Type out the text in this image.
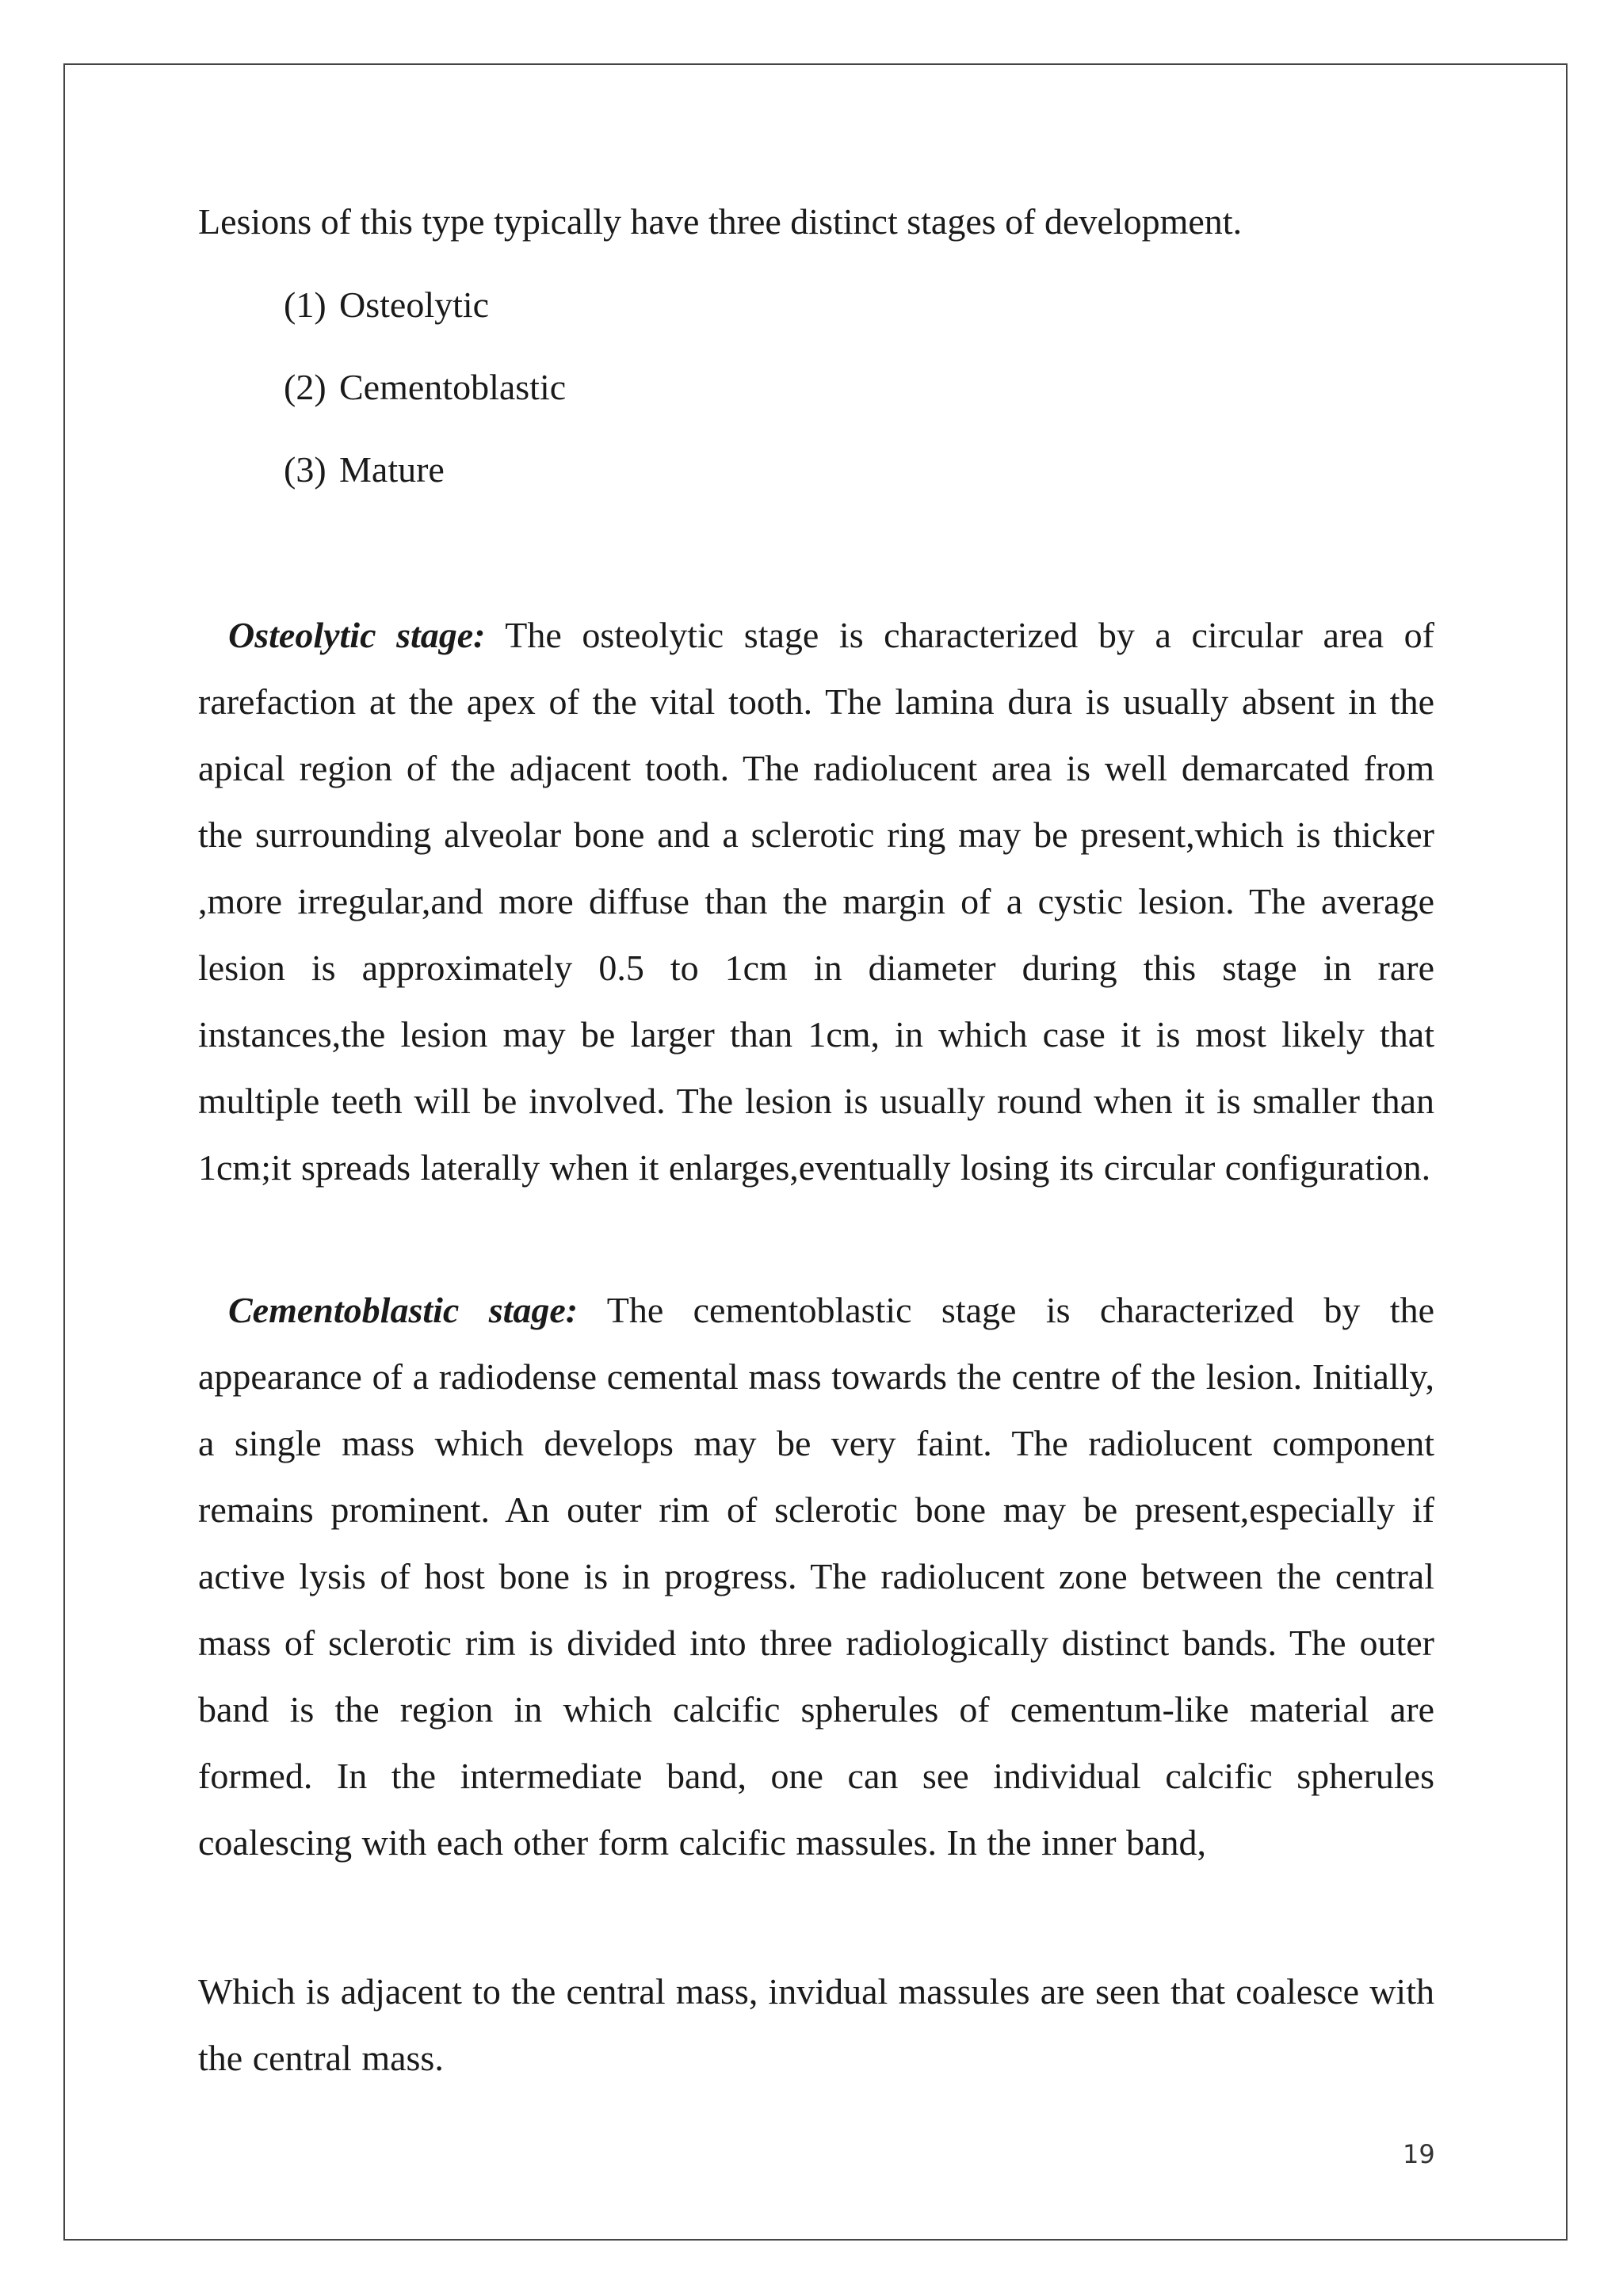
Lesions of this type typically have three distinct stages of development.
(1) Osteolytic
(2) Cementoblastic
(3) Mature

Osteolytic stage: The osteolytic stage is characterized by a circular area of rarefaction at the apex of the vital tooth. The lamina dura is usually absent in the apical region of the adjacent tooth. The radiolucent area is well demarcated from the surrounding alveolar bone and a sclerotic ring may be present,which is thicker ,more irregular,and more diffuse than the margin of a cystic lesion. The average lesion is approximately 0.5 to 1cm in diameter during this stage in rare instances,the lesion may be larger than 1cm, in which case it is most likely that multiple teeth will be involved. The lesion is usually round when it is smaller than 1cm;it spreads laterally when it enlarges,eventually losing its circular configuration.

Cementoblastic stage: The cementoblastic stage is characterized by the appearance of a radiodense cemental mass towards the centre of the lesion. Initially, a single mass which develops may be very faint. The radiolucent component remains prominent. An outer rim of sclerotic bone may be present,especially if active lysis of host bone is in progress. The radiolucent zone between the central mass of sclerotic rim is divided into three radiologically distinct bands. The outer band is the region in which calcific spherules of cementum-like material are formed. In the intermediate band, one can see individual calcific spherules coalescing with each other form calcific massules. In the inner band,

Which is adjacent to the central mass, invidual massules are seen that coalesce with the central mass.

19
